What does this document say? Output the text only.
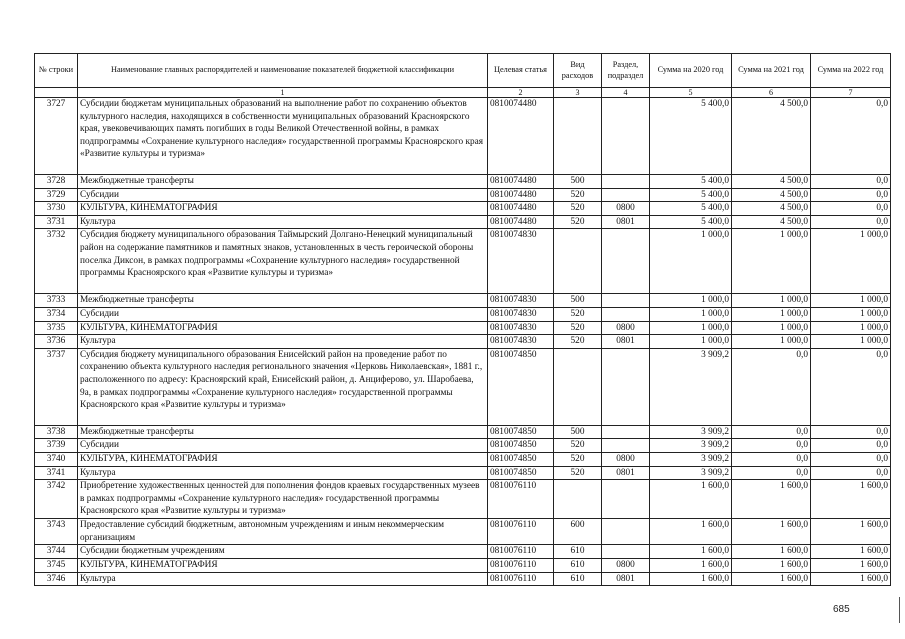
№ строки	Наименование главных распорядителей и наименование показателей бюджетной классификации	Целевая статья	Вид расходов	Раздел, подраздел	Сумма на 2020 год	Сумма на 2021 год	Сумма на 2022 год
	1	2	3	4	5	6	7
3727	Субсидии бюджетам муниципальных образований на выполнение работ по сохранению объектов культурного наследия, находящихся в собственности муниципальных образований Красноярского края, увековечивающих память погибших в годы Великой Отечественной войны, в рамках подпрограммы «Сохранение культурного наследия» государственной программы Красноярского края «Развитие культуры и туризма»	0810074480			5 400,0	4 500,0	0,0
3728	Межбюджетные трансферты	0810074480	500		5 400,0	4 500,0	0,0
3729	Субсидии	0810074480	520		5 400,0	4 500,0	0,0
3730	КУЛЬТУРА, КИНЕМАТОГРАФИЯ	0810074480	520	0800	5 400,0	4 500,0	0,0
3731	Культура	0810074480	520	0801	5 400,0	4 500,0	0,0
3732	Субсидия бюджету муниципального образования Таймырский Долгано-Ненецкий муниципальный район на содержание памятников и памятных знаков, установленных в честь героической обороны поселка Диксон, в рамках подпрограммы «Сохранение культурного наследия» государственной программы Красноярского края «Развитие культуры и туризма»	0810074830			1 000,0	1 000,0	1 000,0
3733	Межбюджетные трансферты	0810074830	500		1 000,0	1 000,0	1 000,0
3734	Субсидии	0810074830	520		1 000,0	1 000,0	1 000,0
3735	КУЛЬТУРА, КИНЕМАТОГРАФИЯ	0810074830	520	0800	1 000,0	1 000,0	1 000,0
3736	Культура	0810074830	520	0801	1 000,0	1 000,0	1 000,0
3737	Субсидия бюджету муниципального образования Енисейский район на проведение работ по сохранению объекта культурного наследия регионального значения «Церковь Николаевская», 1881 г., расположенного по адресу: Красноярский край, Енисейский район, д. Анциферово, ул. Шаробаева, 9а, в рамках подпрограммы «Сохранение культурного наследия» государственной программы Красноярского края «Развитие культуры и туризма»	0810074850			3 909,2	0,0	0,0
3738	Межбюджетные трансферты	0810074850	500		3 909,2	0,0	0,0
3739	Субсидии	0810074850	520		3 909,2	0,0	0,0
3740	КУЛЬТУРА, КИНЕМАТОГРАФИЯ	0810074850	520	0800	3 909,2	0,0	0,0
3741	Культура	0810074850	520	0801	3 909,2	0,0	0,0
3742	Приобретение художественных ценностей для пополнения фондов краевых государственных музеев в рамках подпрограммы «Сохранение культурного наследия» государственной программы Красноярского края «Развитие культуры и туризма»	0810076110			1 600,0	1 600,0	1 600,0
3743	Предоставление субсидий бюджетным, автономным учреждениям и иным некоммерческим организациям	0810076110	600		1 600,0	1 600,0	1 600,0
3744	Субсидии бюджетным учреждениям	0810076110	610		1 600,0	1 600,0	1 600,0
3745	КУЛЬТУРА, КИНЕМАТОГРАФИЯ	0810076110	610	0800	1 600,0	1 600,0	1 600,0
3746	Культура	0810076110	610	0801	1 600,0	1 600,0	1 600,0
685
